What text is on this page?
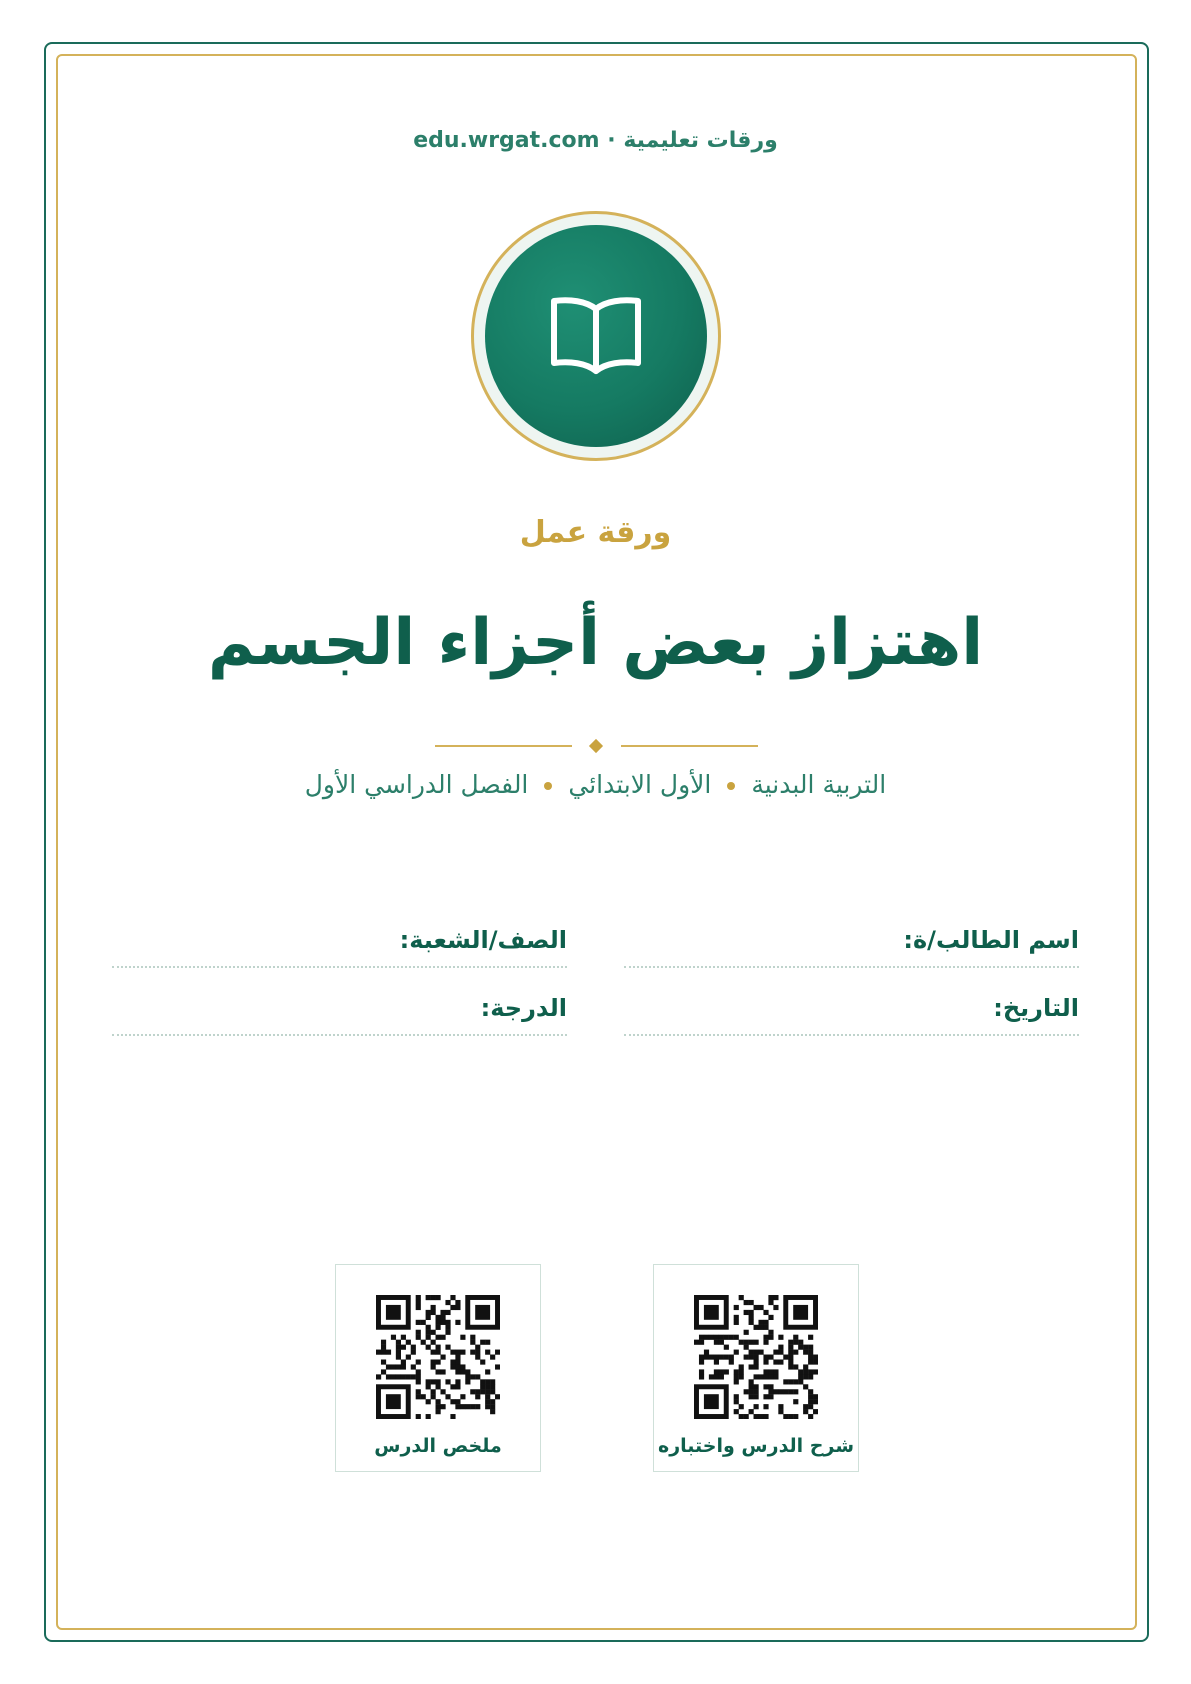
ورقات تعليمية · edu.wrgat.com
ورقة عمل
اهتزاز بعض أجزاء الجسم
التربية البدنيةالأول الابتدائيالفصل الدراسي الأول
اسم الطالب/ة:
الصف/الشعبة:
التاريخ:
الدرجة:
شرح الدرس واختباره
ملخص الدرس
